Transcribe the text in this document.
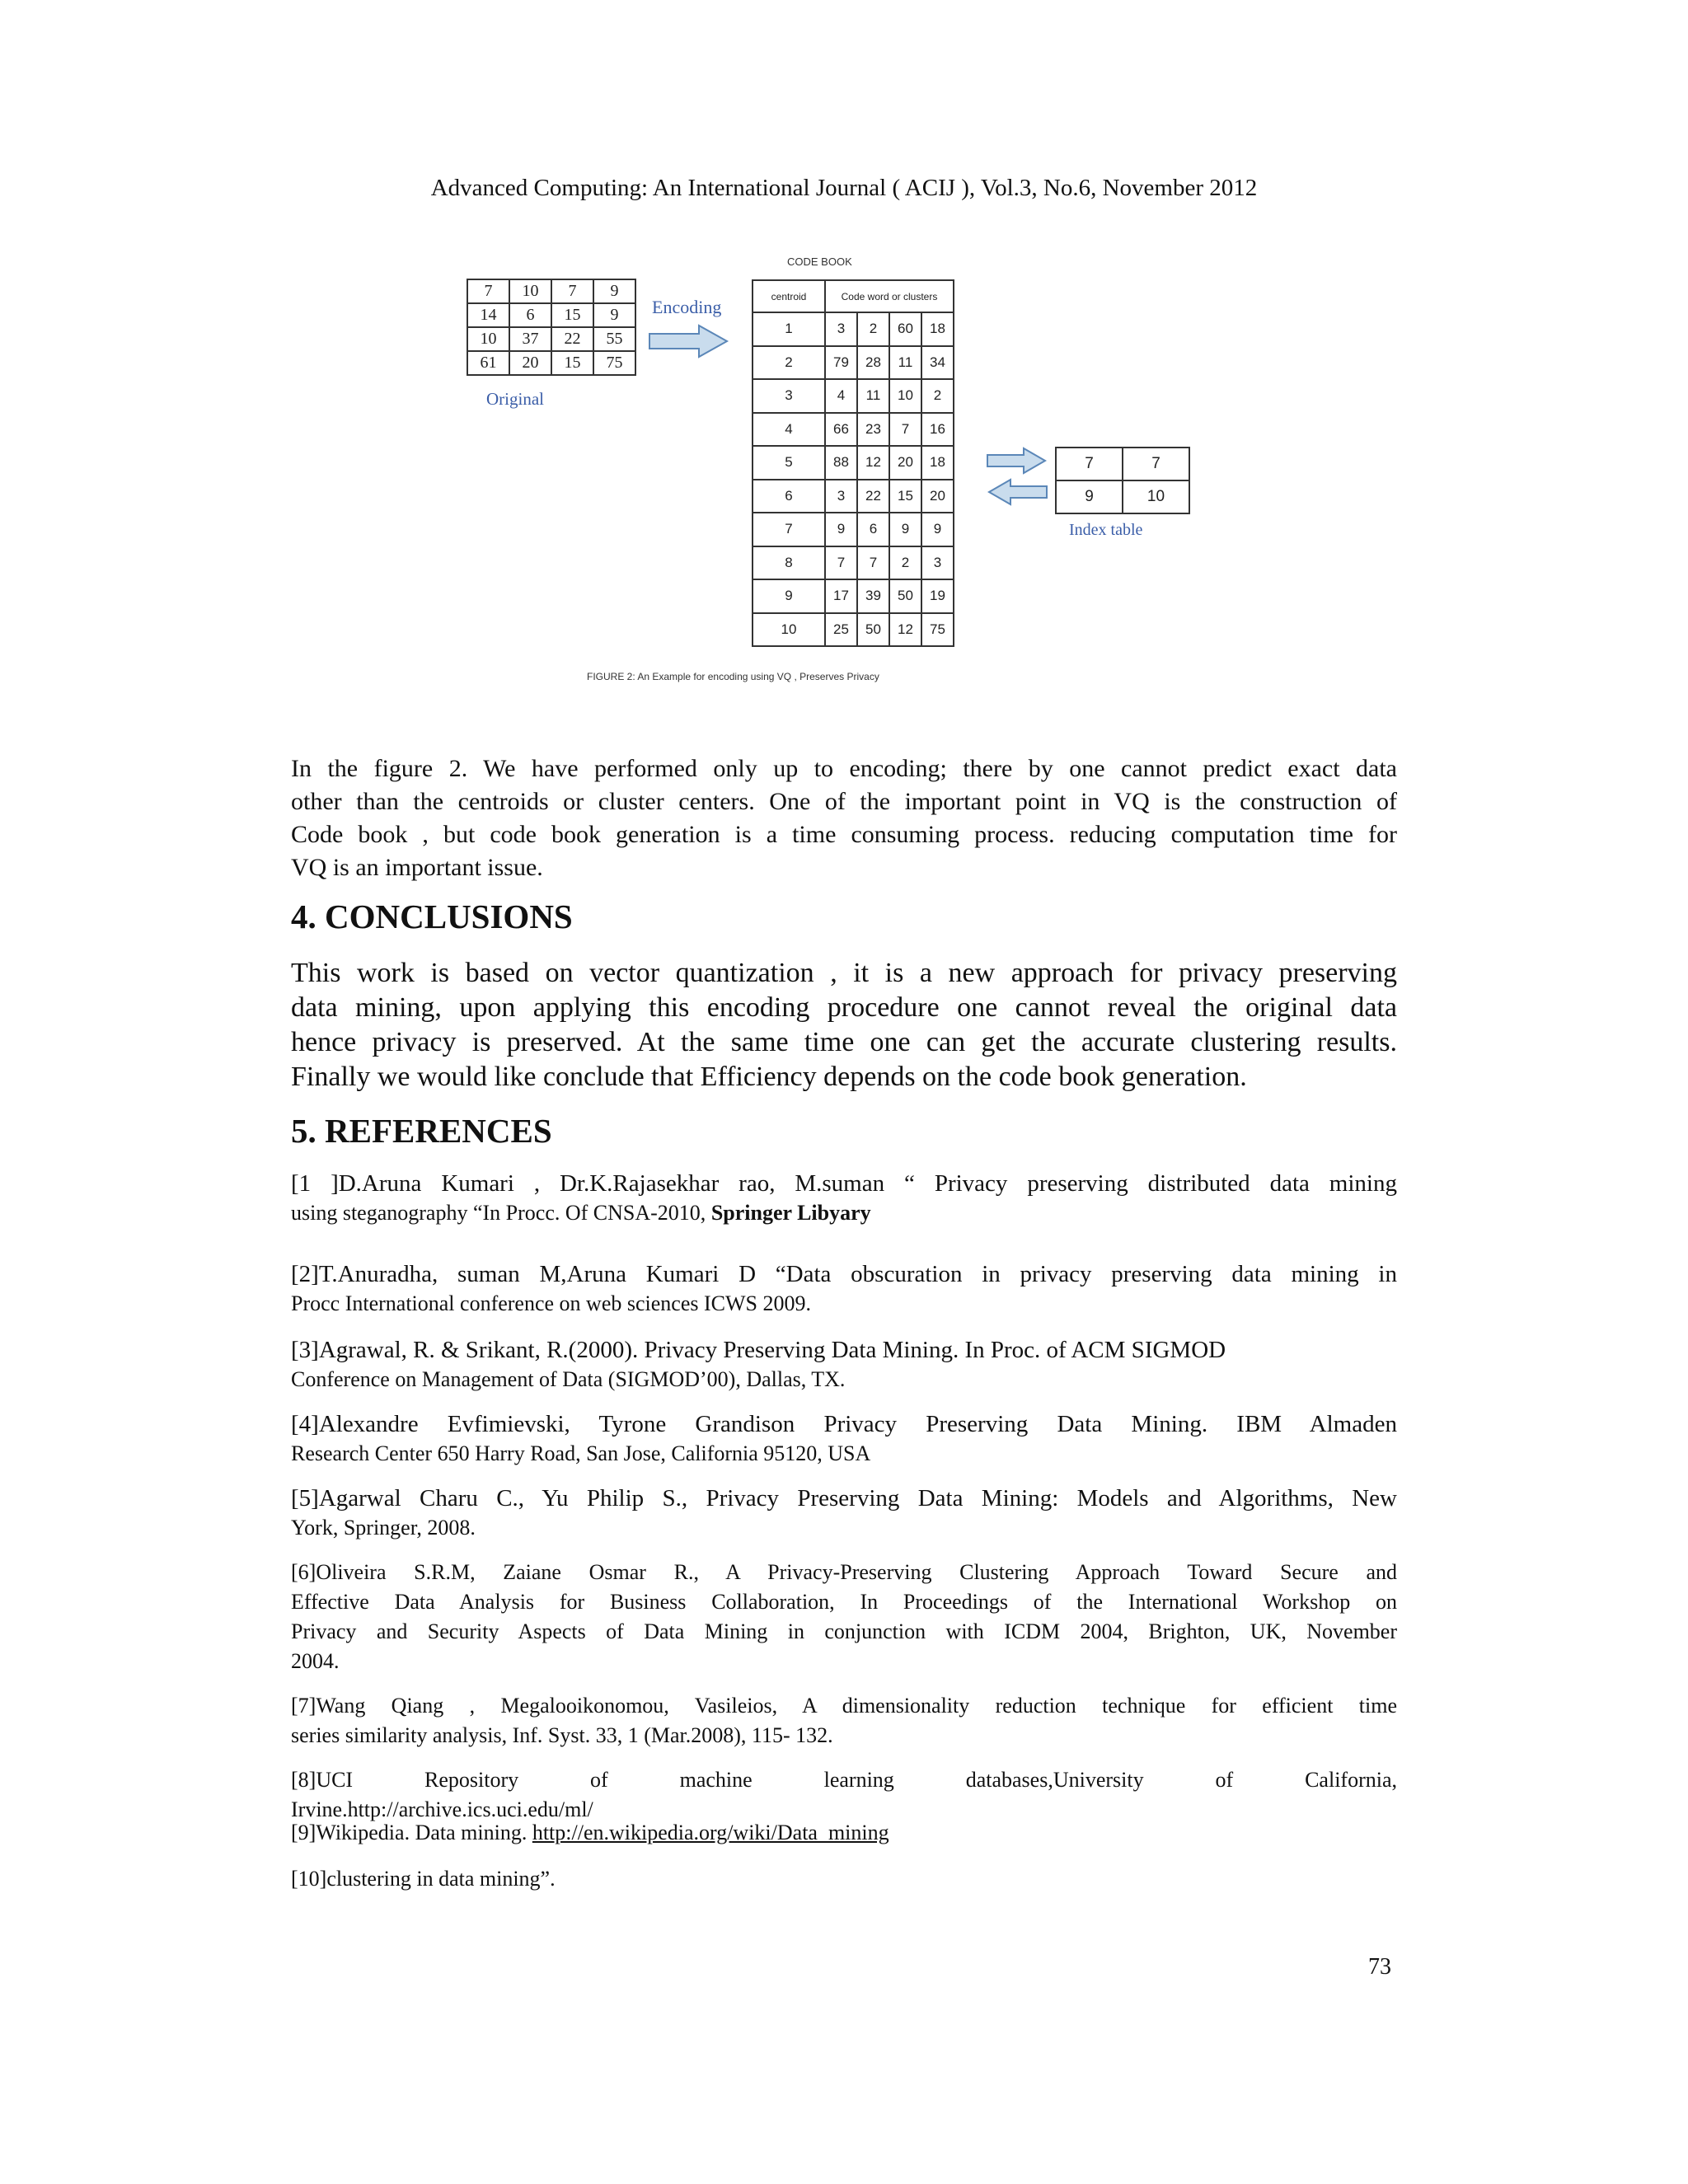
Advanced Computing: An International Journal ( ACIJ ), Vol.3, No.6, November 2012
7	10	7	9
14	6	15	9
10	37	22	55
61	20	15	75
Original
Encoding
CODE BOOK
centroid	Code word or clusters			
1	3	2	60	18
2	79	28	11	34
3	4	11	10	2
4	66	23	7	16
5	88	12	20	18
6	3	22	15	20
7	9	6	9	9
8	7	7	2	3
9	17	39	50	19
10	25	50	12	75
7	7
9	10
Index table
FIGURE 2: An Example for encoding using VQ , Preserves Privacy
In the figure 2. We have performed only up to encoding; there by one cannot predict exact data
other than the centroids or cluster centers. One of the important point in VQ is the construction of
Code book , but code book generation is a time consuming process. reducing computation time for
VQ is an important issue.
4. CONCLUSIONS
This work is based on vector quantization , it is a new approach for privacy preserving
data mining, upon applying this encoding procedure one cannot reveal the original data
hence privacy is preserved. At the same time one can get the accurate clustering results.
Finally we would like conclude that Efficiency depends on the code book generation.
5. REFERENCES
[1 ]D.Aruna Kumari , Dr.K.Rajasekhar rao, M.suman “ Privacy preserving distributed data mining
using steganography “In Procc. Of CNSA-2010, Springer Libyary
[2]T.Anuradha, suman M,Aruna Kumari D “Data obscuration in privacy preserving data mining in
Procc International conference on web sciences ICWS 2009.
[3]Agrawal, R. & Srikant, R.(2000). Privacy Preserving Data Mining. In Proc. of ACM SIGMOD
Conference on Management of Data (SIGMOD’00), Dallas, TX.
[4]Alexandre Evfimievski, Tyrone Grandison Privacy Preserving Data Mining. IBM Almaden
Research Center 650 Harry Road, San Jose, California 95120, USA
[5]Agarwal Charu C., Yu Philip S., Privacy Preserving Data Mining: Models and Algorithms, New
York, Springer, 2008.
[6]Oliveira S.R.M, Zaiane Osmar R., A Privacy-Preserving Clustering Approach Toward Secure and
Effective Data Analysis for Business Collaboration, In Proceedings of the International Workshop on
Privacy and Security Aspects of Data Mining in conjunction with ICDM 2004, Brighton, UK, November
2004.
[7]Wang Qiang , Megalooikonomou, Vasileios, A dimensionality reduction technique for efficient time
series similarity analysis, Inf. Syst. 33, 1 (Mar.2008), 115- 132.
[8]UCI Repository of machine learning databases,University of California,
Irvine.http://archive.ics.uci.edu/ml/
[9]Wikipedia. Data mining. http://en.wikipedia.org/wiki/Data_mining
[10]clustering in data mining”.
73
